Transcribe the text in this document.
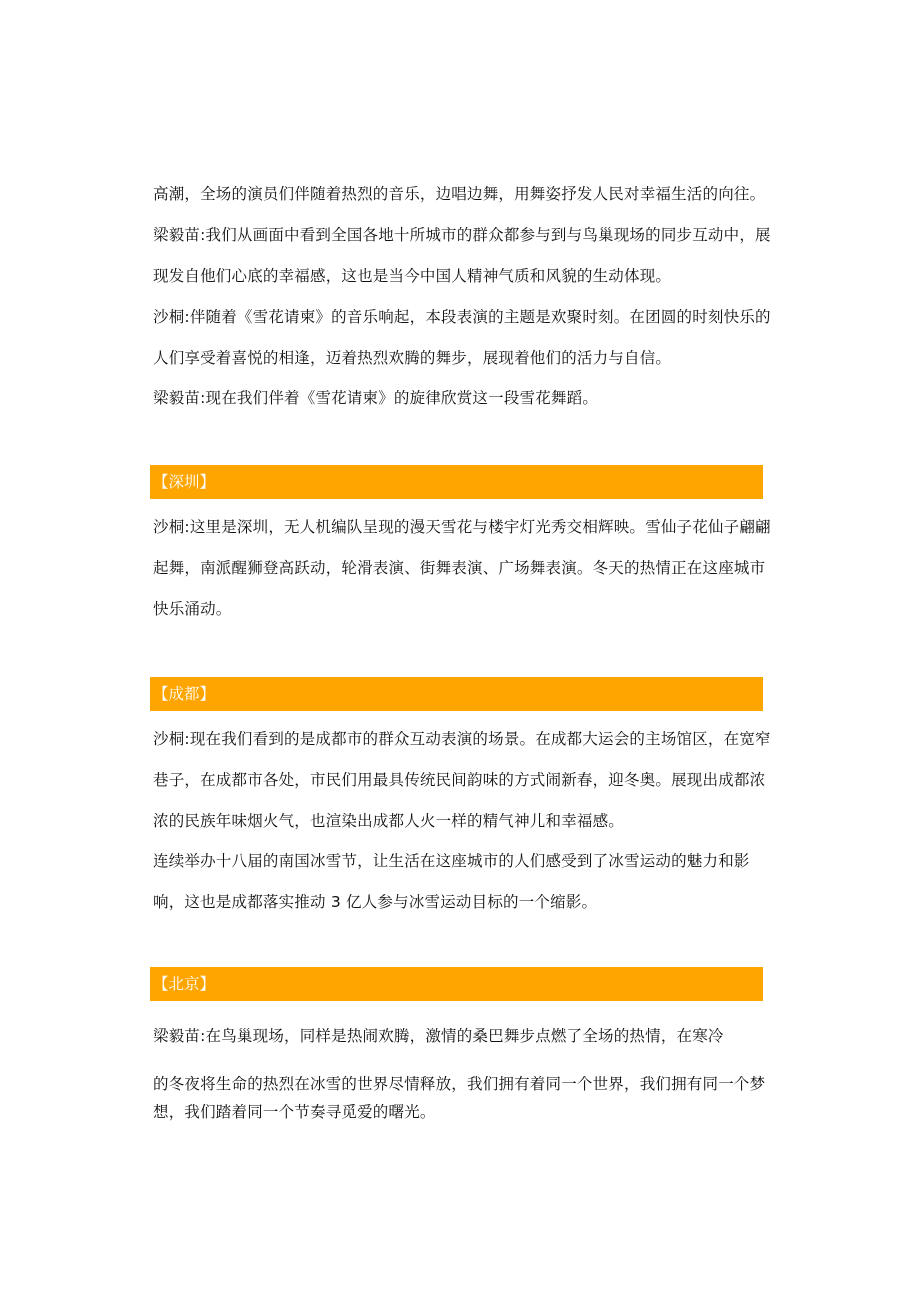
高潮，全场的演员们伴随着热烈的音乐，边唱边舞，用舞姿抒发人民对幸福生活的向往。
梁毅苗:我们从画面中看到全国各地十所城市的群众都参与到与鸟巢现场的同步互动中，展
现发自他们心底的幸福感，这也是当今中国人精神气质和风貌的生动体现。
沙桐:伴随着《雪花请柬》的音乐响起，本段表演的主题是欢聚时刻。在团圆的时刻快乐的
人们享受着喜悦的相逢，迈着热烈欢腾的舞步，展现着他们的活力与自信。
梁毅苗:现在我们伴着《雪花请柬》的旋律欣赏这一段雪花舞蹈。
【深圳】
沙桐:这里是深圳，无人机编队呈现的漫天雪花与楼宇灯光秀交相辉映。雪仙子花仙子翩翩
起舞，南派醒狮登高跃动，轮滑表演、街舞表演、广场舞表演。冬天的热情正在这座城市
快乐涌动。
【成都】
沙桐:现在我们看到的是成都市的群众互动表演的场景。在成都大运会的主场馆区，在宽窄
巷子，在成都市各处，市民们用最具传统民间韵味的方式闹新春，迎冬奥。展现出成都浓
浓的民族年味烟火气，也渲染出成都人火一样的精气神儿和幸福感。
连续举办十八届的南国冰雪节，让生活在这座城市的人们感受到了冰雪运动的魅力和影
响，这也是成都落实推动 3 亿人参与冰雪运动目标的一个缩影。
【北京】
梁毅苗:在鸟巢现场，同样是热闹欢腾，激情的桑巴舞步点燃了全场的热情，在寒冷
的冬夜将生命的热烈在冰雪的世界尽情释放，我们拥有着同一个世界，我们拥有同一个梦
想，我们踏着同一个节奏寻觅爱的曙光。
